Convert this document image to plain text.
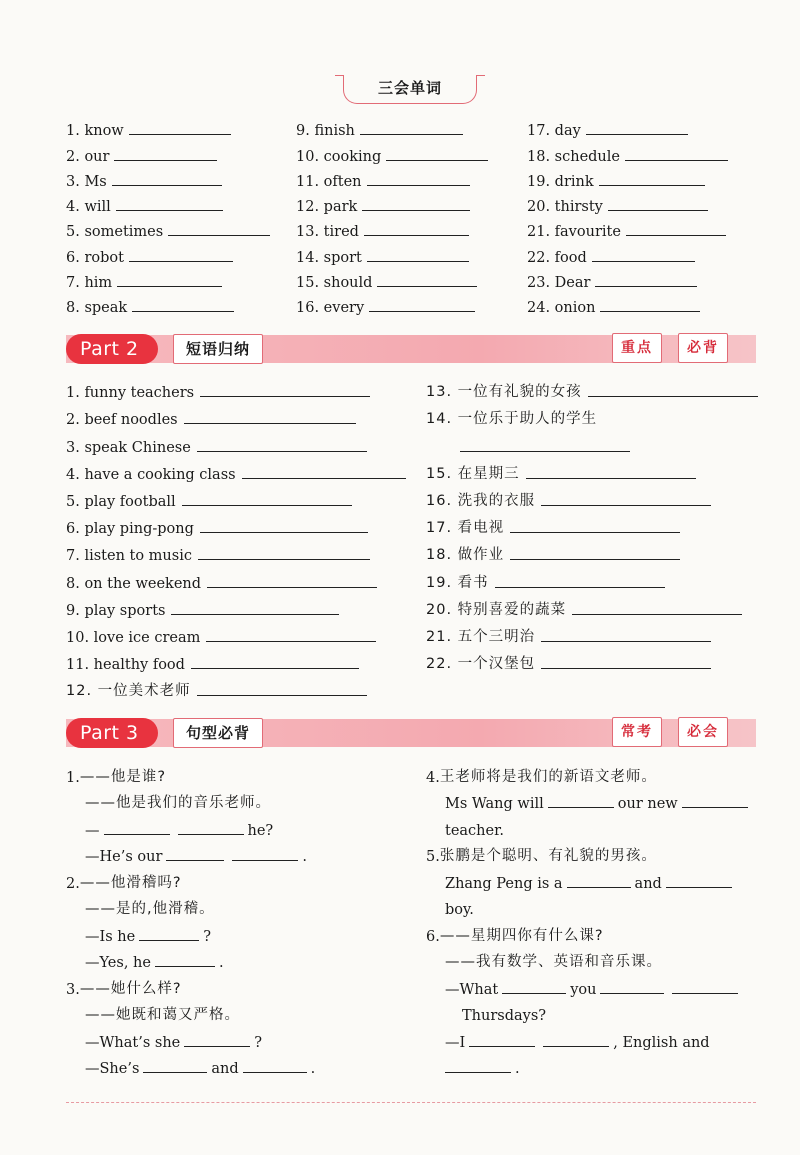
三会单词
1. know
2. our
3. Ms
4. will
5. sometimes
6. robot
7. him
8. speak
9. finish
10. cooking
11. often
12. park
13. tired
14. sport
15. should
16. every
17. day
18. schedule
19. drink
20. thirsty
21. favourite
22. food
23. Dear
24. onion
Part 2	短语归纳	重点	必背
1. funny teachers
2. beef noodles
3. speak Chinese
4. have a cooking class
5. play football
6. play ping-pong
7. listen to music
8. on the weekend
9. play sports
10. love ice cream
11. healthy food
12. 一位美术老师
13. 一位有礼貌的女孩
14. 一位乐于助人的学生
15. 在星期三
16. 洗我的衣服
17. 看电视
18. 做作业
19. 看书
20. 特别喜爱的蔬菜
21. 五个三明治
22. 一个汉堡包
Part 3	句型必背	常考	必会
1. ——他是谁?
——他是我们的音乐老师。
—	he?
—He’s our	.
2. ——他滑稽吗?
——是的,他滑稽。
—Is he	?
—Yes, he	.
3. ——她什么样?
——她既和蔼又严格。
—What’s she	?
—She’s	and	.
4. 王老师将是我们的新语文老师。
Ms Wang will	our new
teacher.
5. 张鹏是个聪明、有礼貌的男孩。
Zhang Peng is a	and
boy.
6. ——星期四你有什么课?
——我有数学、英语和音乐课。
—What	you
Thursdays?
—I	, English and
.
